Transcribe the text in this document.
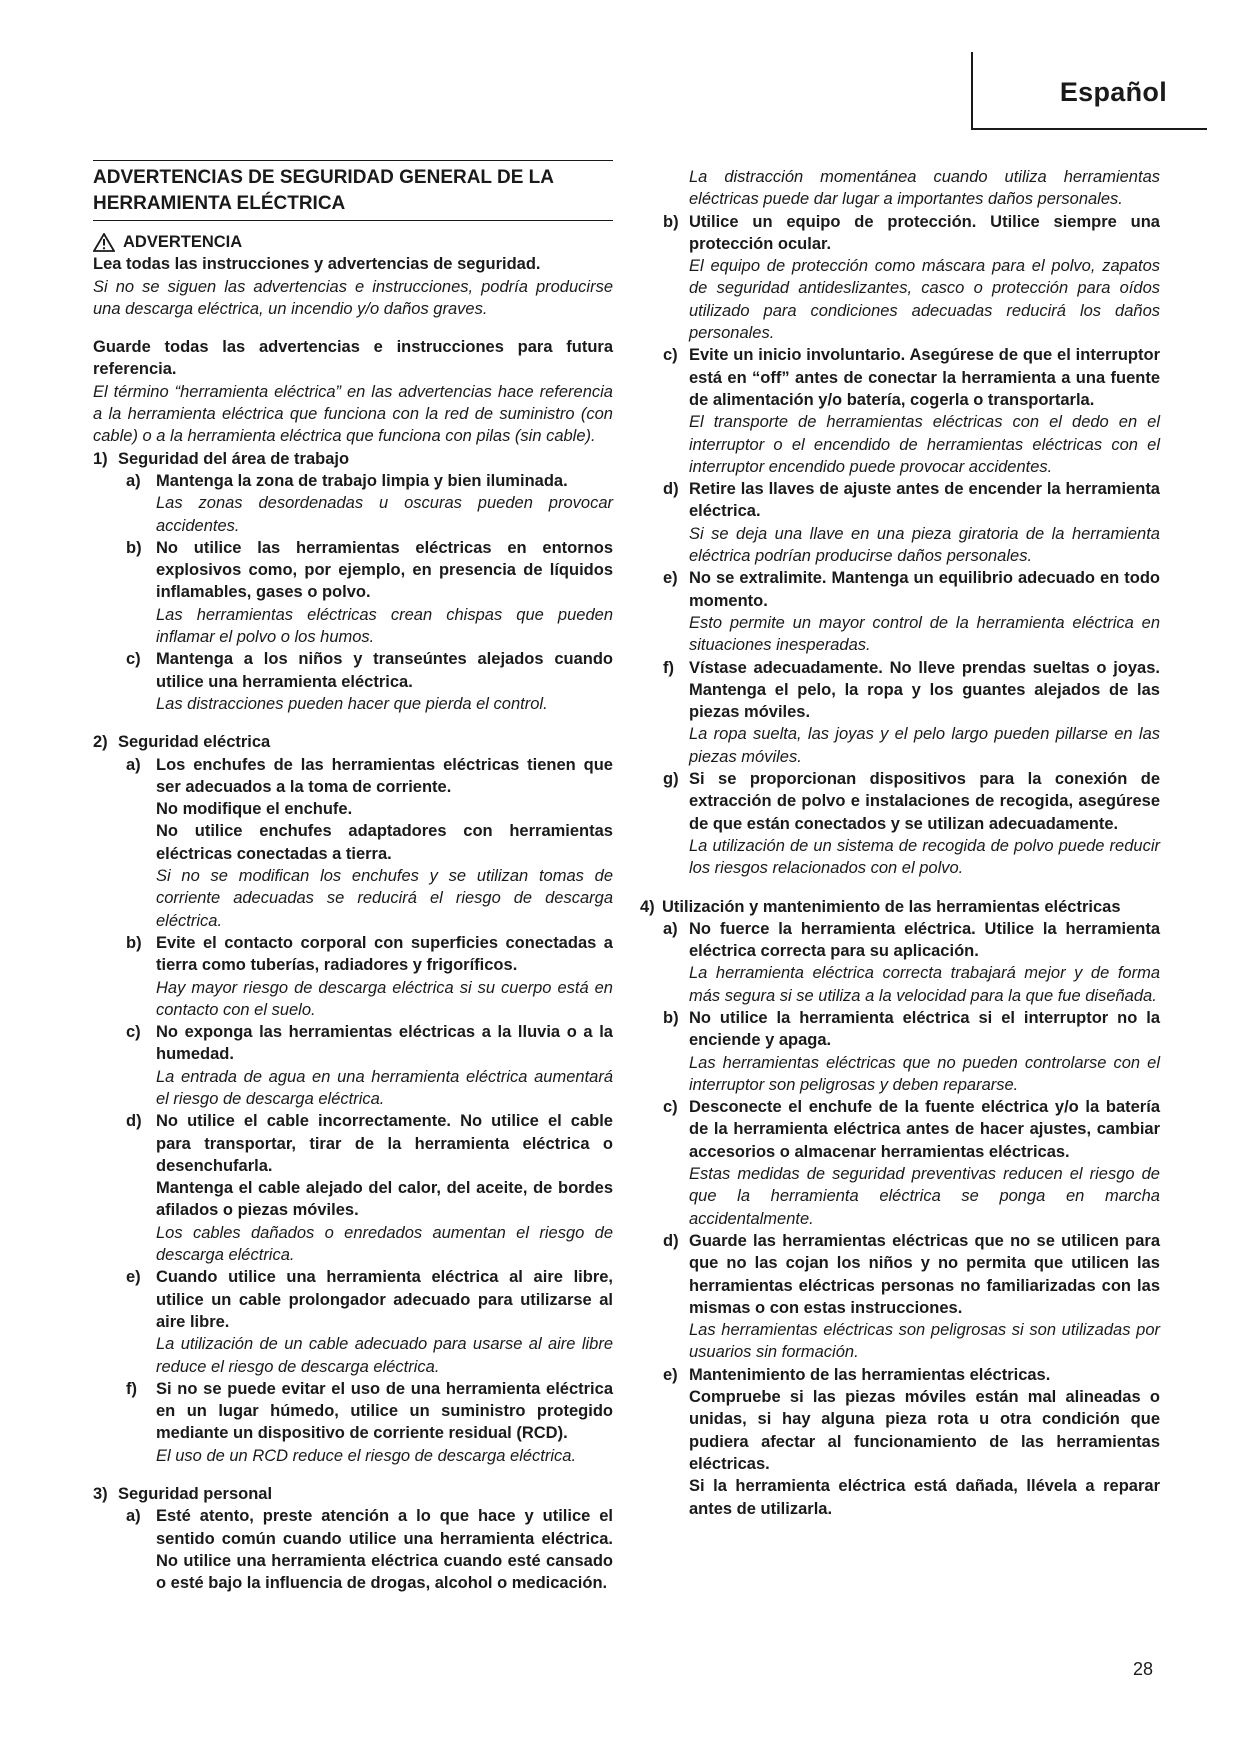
Español
ADVERTENCIAS DE SEGURIDAD GENERAL DE LA HERRAMIENTA ELÉCTRICA
ADVERTENCIA
Lea todas las instrucciones y advertencias de seguridad.
Si no se siguen las advertencias e instrucciones, podría producirse una descarga eléctrica, un incendio y/o daños graves.
Guarde todas las advertencias e instrucciones para futura referencia.
El término “herramienta eléctrica” en las advertencias hace referencia a la herramienta eléctrica que funciona con la red de suministro (con cable) o a la herramienta eléctrica que funciona con pilas (sin cable).
1) Seguridad del área de trabajo
a) Mantenga la zona de trabajo limpia y bien iluminada.
Las zonas desordenadas u oscuras pueden provocar accidentes.
b) No utilice las herramientas eléctricas en entornos explosivos como, por ejemplo, en presencia de líquidos inflamables, gases o polvo.
Las herramientas eléctricas crean chispas que pueden inflamar el polvo o los humos.
c) Mantenga a los niños y transeúntes alejados cuando utilice una herramienta eléctrica.
Las distracciones pueden hacer que pierda el control.
2) Seguridad eléctrica
a) Los enchufes de las herramientas eléctricas tienen que ser adecuados a la toma de corriente.
No modifique el enchufe.
No utilice enchufes adaptadores con herramientas eléctricas conectadas a tierra.
Si no se modifican los enchufes y se utilizan tomas de corriente adecuadas se reducirá el riesgo de descarga eléctrica.
b) Evite el contacto corporal con superficies conectadas a tierra como tuberías, radiadores y frigoríficos.
Hay mayor riesgo de descarga eléctrica si su cuerpo está en contacto con el suelo.
c) No exponga las herramientas eléctricas a la lluvia o a la humedad.
La entrada de agua en una herramienta eléctrica aumentará el riesgo de descarga eléctrica.
d) No utilice el cable incorrectamente. No utilice el cable para transportar, tirar de la herramienta eléctrica o desenchufarla.
Mantenga el cable alejado del calor, del aceite, de bordes afilados o piezas móviles.
Los cables dañados o enredados aumentan el riesgo de descarga eléctrica.
e) Cuando utilice una herramienta eléctrica al aire libre, utilice un cable prolongador adecuado para utilizarse al aire libre.
La utilización de un cable adecuado para usarse al aire libre reduce el riesgo de descarga eléctrica.
f)	Si no se puede evitar el uso de una herramienta eléctrica en un lugar húmedo, utilice un suministro protegido mediante un dispositivo de corriente residual (RCD).
El uso de un RCD reduce el riesgo de descarga eléctrica.
3) Seguridad personal
a) Esté atento, preste atención a lo que hace y utilice el sentido común cuando utilice una herramienta eléctrica. No utilice una herramienta eléctrica cuando esté cansado o esté bajo la influencia de drogas, alcohol o medicación.
La distracción momentánea cuando utiliza herramientas eléctricas puede dar lugar a importantes daños personales.
b) Utilice un equipo de protección. Utilice siempre una protección ocular.
El equipo de protección como máscara para el polvo, zapatos de seguridad antideslizantes, casco o protección para oídos utilizado para condiciones adecuadas reducirá los daños personales.
c) Evite un inicio involuntario. Asegúrese de que el interruptor está en “off” antes de conectar la herramienta a una fuente de alimentación y/o batería, cogerla o transportarla.
El transporte de herramientas eléctricas con el dedo en el interruptor o el encendido de herramientas eléctricas con el interruptor encendido puede provocar accidentes.
d) Retire las llaves de ajuste antes de encender la herramienta eléctrica.
Si se deja una llave en una pieza giratoria de la herramienta eléctrica podrían producirse daños personales.
e) No se extralimite. Mantenga un equilibrio adecuado en todo momento.
Esto permite un mayor control de la herramienta eléctrica en situaciones inesperadas.
f) Vístase adecuadamente. No lleve prendas sueltas o joyas. Mantenga el pelo, la ropa y los guantes alejados de las piezas móviles.
La ropa suelta, las joyas y el pelo largo pueden pillarse en las piezas móviles.
g) Si se proporcionan dispositivos para la conexión de extracción de polvo e instalaciones de recogida, asegúrese de que están conectados y se utilizan adecuadamente.
La utilización de un sistema de recogida de polvo puede reducir los riesgos relacionados con el polvo.
4) Utilización y mantenimiento de las herramientas eléctricas
a) No fuerce la herramienta eléctrica. Utilice la herramienta eléctrica correcta para su aplicación.
La herramienta eléctrica correcta trabajará mejor y de forma más segura si se utiliza a la velocidad para la que fue diseñada.
b) No utilice la herramienta eléctrica si el interruptor no la enciende y apaga.
Las herramientas eléctricas que no pueden controlarse con el interruptor son peligrosas y deben repararse.
c) Desconecte el enchufe de la fuente eléctrica y/o la batería de la herramienta eléctrica antes de hacer ajustes, cambiar accesorios o almacenar herramientas eléctricas.
Estas medidas de seguridad preventivas reducen el riesgo de que la herramienta eléctrica se ponga en marcha accidentalmente.
d) Guarde las herramientas eléctricas que no se utilicen para que no las cojan los niños y no permita que utilicen las herramientas eléctricas personas no familiarizadas con las mismas o con estas instrucciones.
Las herramientas eléctricas son peligrosas si son utilizadas por usuarios sin formación.
e) Mantenimiento de las herramientas eléctricas.
Compruebe si las piezas móviles están mal alineadas o unidas, si hay alguna pieza rota u otra condición que pudiera afectar al funcionamiento de las herramientas eléctricas.
Si la herramienta eléctrica está dañada, llévela a reparar antes de utilizarla.
28
